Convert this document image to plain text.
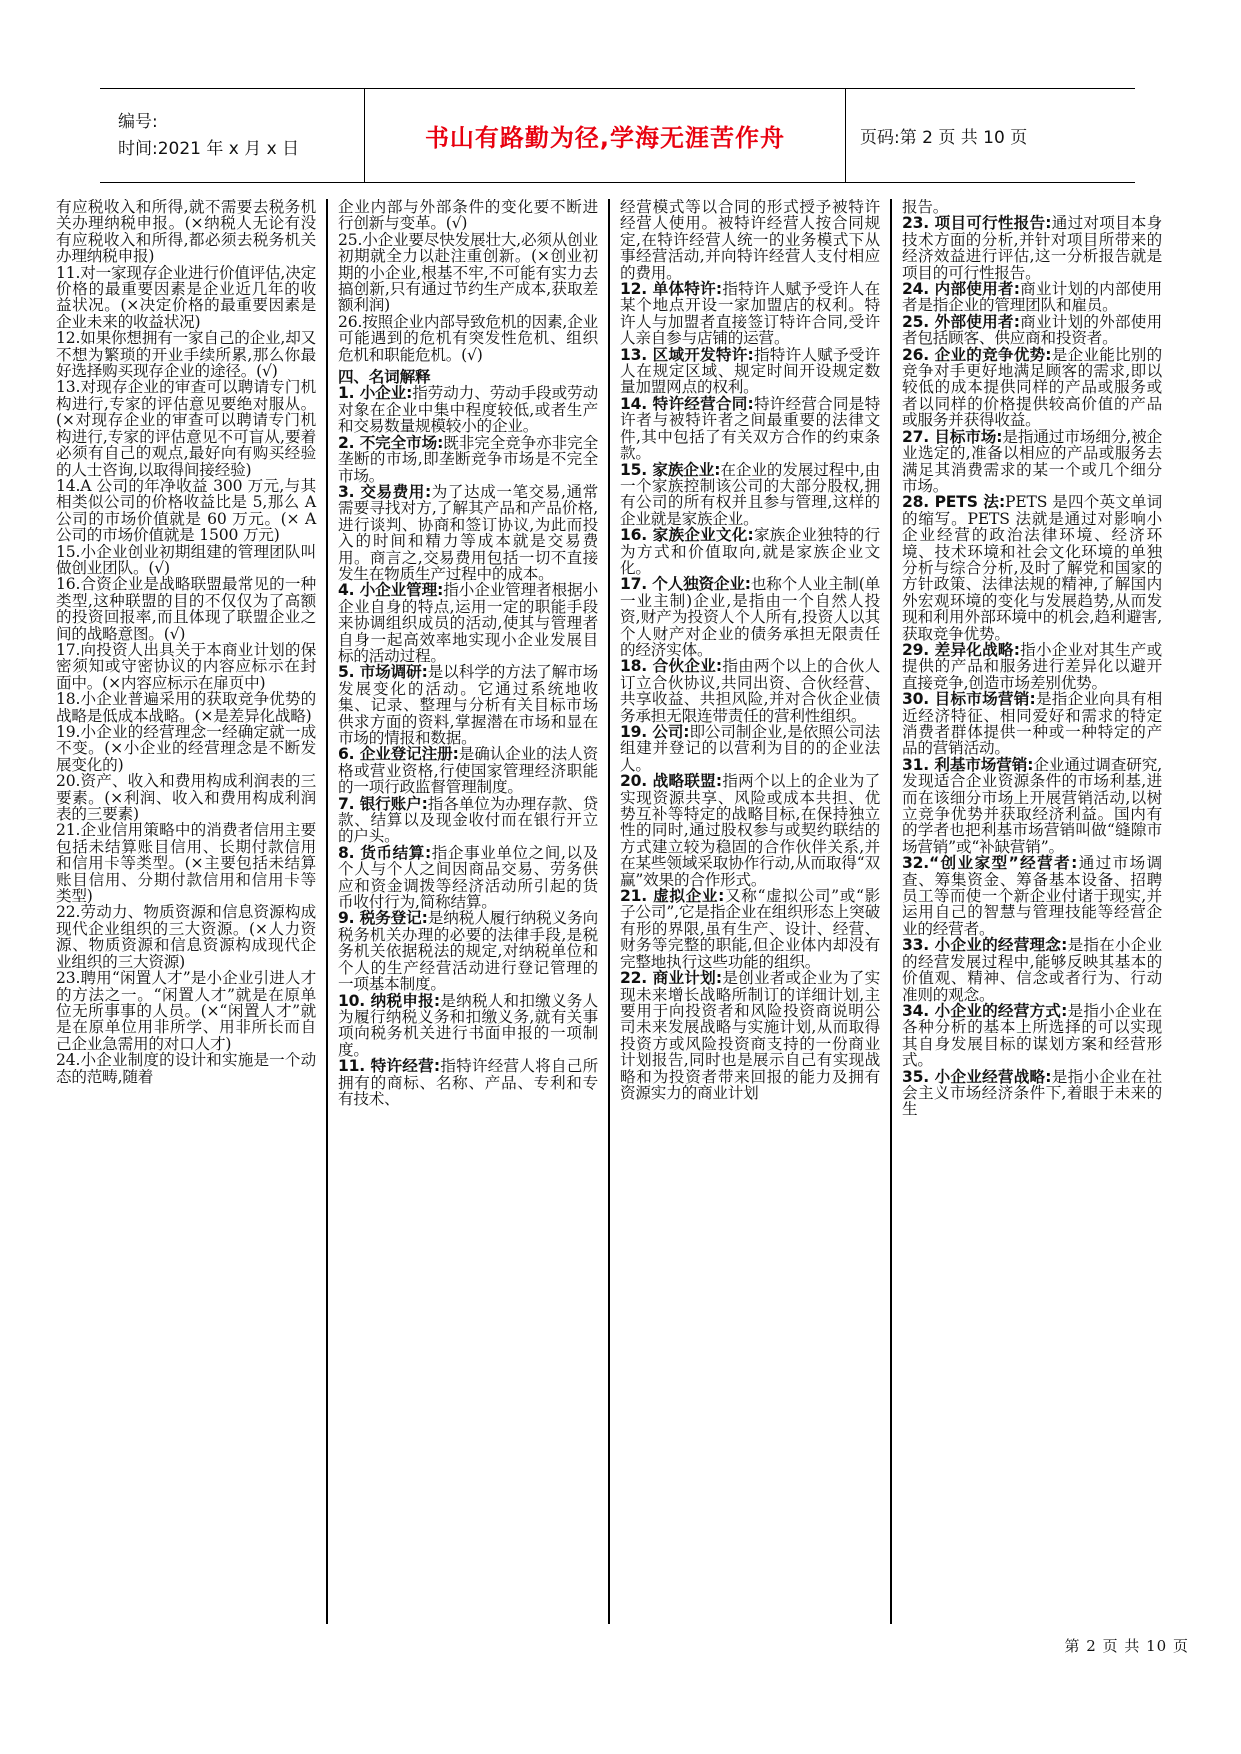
编号:
时间:2021 年 x 月 x 日	书山有路勤为径,学海无涯苦作舟	页码:第 2 页 共 10 页

有应税收入和所得,就不需要去税务机关办理纳税申报。(×纳税人无论有没有应税收入和所得,都必须去税务机关办理纳税申报)

11.对一家现存企业进行价值评估,决定价格的最重要因素是企业近几年的收益状况。(×决定价格的最重要因素是企业未来的收益状况)

12.如果你想拥有一家自己的企业,却又不想为繁琐的开业手续所累,那么你最好选择购买现存企业的途径。(√)

13.对现存企业的审查可以聘请专门机构进行,专家的评估意见要绝对服从。(×对现存企业的审查可以聘请专门机构进行,专家的评估意见不可盲从,要着必须有自己的观点,最好向有购买经验的人士咨询,以取得间接经验)

14.A 公司的年净收益 300 万元,与其相类似公司的价格收益比是 5,那么 A 公司的市场价值就是 60 万元。(× A 公司的市场价值就是 1500 万元)

15.小企业创业初期组建的管理团队叫做创业团队。(√)

16.合资企业是战略联盟最常见的一种类型,这种联盟的目的不仅仅为了高额的投资回报率,而且体现了联盟企业之间的战略意图。(√)

17.向投资人出具关于本商业计划的保密须知或守密协议的内容应标示在封面中。(×内容应标示在扉页中)

18.小企业普遍采用的获取竞争优势的战略是低成本战略。(×是差异化战略)

19.小企业的经营理念一经确定就一成不变。(×小企业的经营理念是不断发展变化的)

20.资产、收入和费用构成利润表的三要素。(×利润、收入和费用构成利润表的三要素)

21.企业信用策略中的消费者信用主要包括未结算账目信用、长期付款信用和信用卡等类型。(×主要包括未结算账目信用、分期付款信用和信用卡等类型)

22.劳动力、物质资源和信息资源构成现代企业组织的三大资源。(×人力资源、物质资源和信息资源构成现代企业组织的三大资源)

23.聘用“闲置人才”是小企业引进人才的方法之一。“闲置人才”就是在原单位无所事事的人员。(×“闲置人才”就是在原单位用非所学、用非所长而自己企业急需用的对口人才)

24.小企业制度的设计和实施是一个动态的范畴,随着

企业内部与外部条件的变化要不断进行创新与变革。(√)

25.小企业要尽快发展壮大,必须从创业初期就全力以赴注重创新。(×创业初期的小企业,根基不牢,不可能有实力去搞创新,只有通过节约生产成本,获取差额利润)

26.按照企业内部导致危机的因素,企业可能遇到的危机有突发性危机、组织危机和职能危机。(√)

四、名词解释

1. 小企业:指劳动力、劳动手段或劳动对象在企业中集中程度较低,或者生产和交易数量规模较小的企业。

2. 不完全市场:既非完全竞争亦非完全垄断的市场,即垄断竞争市场是不完全市场。

3. 交易费用:为了达成一笔交易,通常需要寻找对方,了解其产品和产品价格,进行谈判、协商和签订协议,为此而投入的时间和精力等成本就是交易费用。商言之,交易费用包括一切不直接发生在物质生产过程中的成本。

4. 小企业管理:指小企业管理者根据小企业自身的特点,运用一定的职能手段来协调组织成员的活动,使其与管理者自身一起高效率地实现小企业发展目标的活动过程。

5. 市场调研:是以科学的方法了解市场发展变化的活动。它通过系统地收集、记录、整理与分析有关目标市场供求方面的资料,掌握潜在市场和显在市场的情报和数据。

6. 企业登记注册:是确认企业的法人资格或营业资格,行使国家管理经济职能的一项行政监督管理制度。

7. 银行账户:指各单位为办理存款、贷款、结算以及现金收付而在银行开立的户头。

8. 货币结算:指企事业单位之间,以及个人与个人之间因商品交易、劳务供应和资金调拨等经济活动所引起的货币收付行为,简称结算。

9. 税务登记:是纳税人履行纳税义务向税务机关办理的必要的法律手段,是税务机关依据税法的规定,对纳税单位和个人的生产经营活动进行登记管理的一项基本制度。

10. 纳税申报:是纳税人和扣缴义务人为履行纳税义务和扣缴义务,就有关事项向税务机关进行书面申报的一项制度。

11. 特许经营:指特许经营人将自己所拥有的商标、名称、产品、专利和专有技术、

经营模式等以合同的形式授予被特许经营人使用。被特许经营人按合同规定,在特许经营人统一的业务模式下从事经营活动,并向特许经营人支付相应的费用。

12. 单体特许:指特许人赋予受许人在某个地点开设一家加盟店的权利。特许人与加盟者直接签订特许合同,受许人亲自参与店铺的运营。

13. 区域开发特许:指特许人赋予受许人在规定区域、规定时间开设规定数量加盟网点的权利。

14. 特许经营合同:特许经营合同是特许者与被特许者之间最重要的法律文件,其中包括了有关双方合作的约束条款。

15. 家族企业:在企业的发展过程中,由一个家族控制该公司的大部分股权,拥有公司的所有权并且参与管理,这样的企业就是家族企业。

16. 家族企业文化:家族企业独特的行为方式和价值取向,就是家族企业文化。

17. 个人独资企业:也称个人业主制(单一业主制)企业,是指由一个自然人投资,财产为投资人个人所有,投资人以其个人财产对企业的债务承担无限责任的经济实体。

18. 合伙企业:指由两个以上的合伙人订立合伙协议,共同出资、合伙经营、共享收益、共担风险,并对合伙企业债务承担无限连带责任的营利性组织。

19. 公司:即公司制企业,是依照公司法组建并登记的以营利为目的的企业法人。

20. 战略联盟:指两个以上的企业为了实现资源共享、风险或成本共担、优势互补等特定的战略目标,在保持独立性的同时,通过股权参与或契约联结的方式建立较为稳固的合作伙伴关系,并在某些领域采取协作行动,从而取得“双赢”效果的合作形式。

21. 虚拟企业:又称“虚拟公司”或“影子公司”,它是指企业在组织形态上突破有形的界限,虽有生产、设计、经营、财务等完整的职能,但企业体内却没有完整地执行这些功能的组织。

22. 商业计划:是创业者或企业为了实现未来增长战略所制订的详细计划,主要用于向投资者和风险投资商说明公司未来发展战略与实施计划,从而取得投资方或风险投资商支持的一份商业计划报告,同时也是展示自己有实现战略和为投资者带来回报的能力及拥有资源实力的商业计划

报告。

23. 项目可行性报告:通过对项目本身技术方面的分析,并针对项目所带来的经济效益进行评估,这一分析报告就是项目的可行性报告。

24. 内部使用者:商业计划的内部使用者是指企业的管理团队和雇员。

25. 外部使用者:商业计划的外部使用者包括顾客、供应商和投资者。

26. 企业的竞争优势:是企业能比别的竞争对手更好地满足顾客的需求,即以较低的成本提供同样的产品或服务或者以同样的价格提供较高价值的产品或服务并获得收益。

27. 目标市场:是指通过市场细分,被企业选定的,准备以相应的产品或服务去满足其消费需求的某一个或几个细分市场。

28. PETS 法:PETS 是四个英文单词的缩写。PETS 法就是通过对影响小企业经营的政治法律环境、经济环境、技术环境和社会文化环境的单独分析与综合分析,及时了解党和国家的方针政策、法律法规的精神,了解国内外宏观环境的变化与发展趋势,从而发现和利用外部环境中的机会,趋利避害,获取竞争优势。

29. 差异化战略:指小企业对其生产或提供的产品和服务进行差异化以避开直接竞争,创造市场差别优势。

30. 目标市场营销:是指企业向具有相近经济特征、相同爱好和需求的特定消费者群体提供一种或一种特定的产品的营销活动。

31. 利基市场营销:企业通过调查研究,发现适合企业资源条件的市场利基,进而在该细分市场上开展营销活动,以树立竞争优势并获取经济利益。国内有的学者也把利基市场营销叫做“缝隙市场营销”或“补缺营销”。

32.“创业家型”经营者:通过市场调查、筹集资金、筹备基本设备、招聘员工等而使一个新企业付诸于现实,并运用自己的智慧与管理技能等经营企业的经营者。

33. 小企业的经营理念:是指在小企业的经营发展过程中,能够反映其基本的价值观、精神、信念或者行为、行动准则的观念。

34. 小企业的经营方式:是指小企业在各种分析的基本上所选择的可以实现其自身发展目标的谋划方案和经营形式。

35. 小企业经营战略:是指小企业在社会主义市场经济条件下,着眼于未来的生

第 2 页 共 10 页
